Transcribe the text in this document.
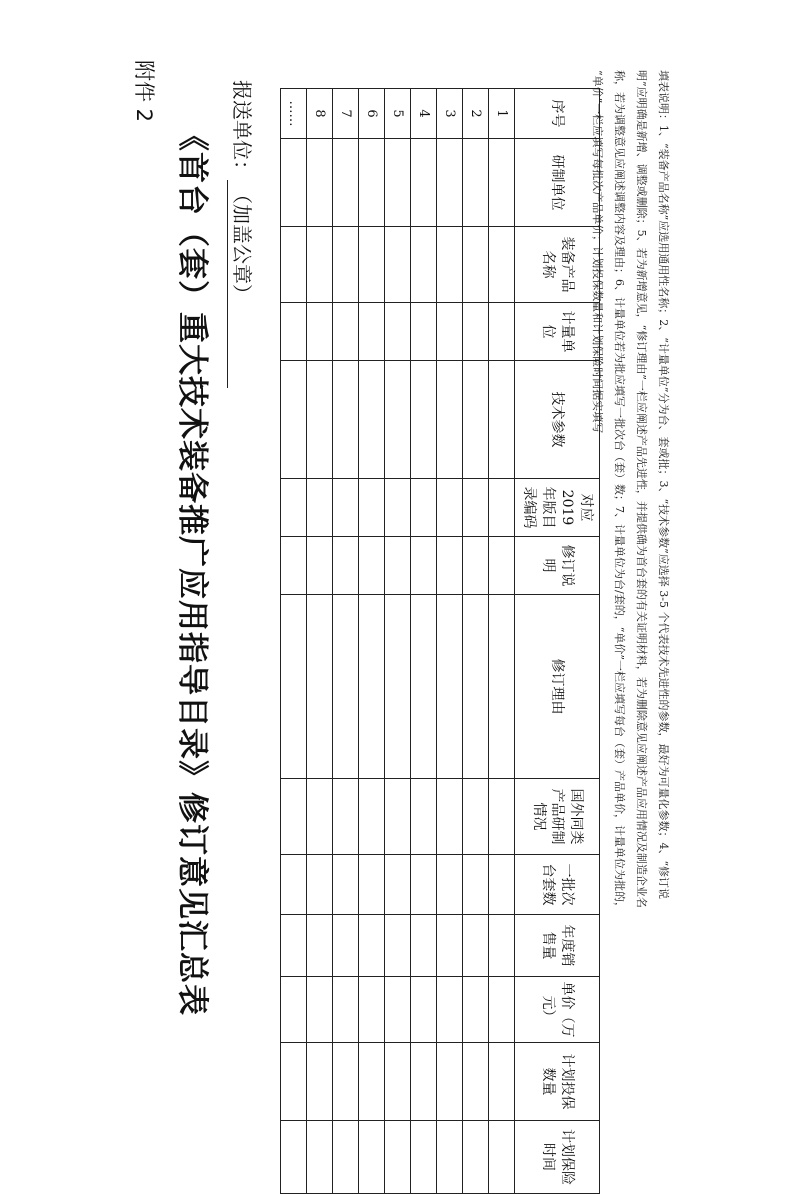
附件 2
《首台（套）重大技术装备推广应用指导目录》修订意见汇总表	报送单位：（加盖公章）
序号	研制单位	装备产品名称	计量单位	技术参数	对应2019年版目录编码	修订说明	修订理由	国外同类产品研制情况	一批次台套数	年度销售量	单价（万元）	计划投保数量	计划保险时间
1													
2													
3													
4													
5													
6													
7													
8													
……														填表说明：1、“装备产品名称”应选用通用性名称；2、“计量单位”分为台、套或批；3、“技术参数”应选择 3-5 个代表技术先进性的参数，最好为可量化参数；4、“修订说
明”应明确是新增、调整或删除；5、若为新增意见，“修订理由”一栏应阐述产品先进性，并提供确为首台套的有关证明材料，若为删除意见应阐述产品应用情况及制造企业名
称，若为调整意见应阐述调整内容及理由；6、计量单位若为批应填写一批次台（套）数；7、计量单位为台/套的，“单价”一栏应填写每台（套）产品单价，计量单位为批的，
“单价”一栏应填写每批次产品单价；计划投保数量和计划保险时间据实填写
